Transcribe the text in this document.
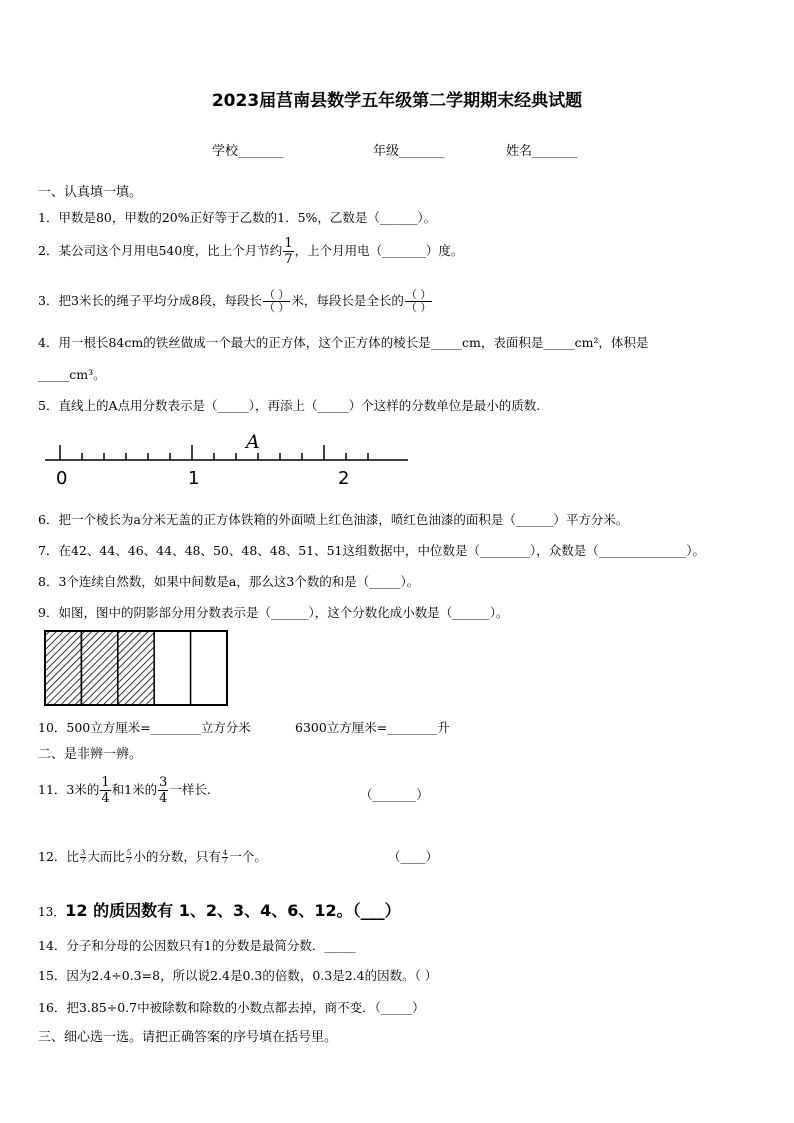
2023届莒南县数学五年级第二学期期末经典试题
学校_______	年级_______	姓名_______
一、认真填一填。
1．甲数是80，甲数的20%正好等于乙数的1．5%，乙数是（______）。
2．某公司这个月用电540度，比上个月节约 $\frac{1}{7}$ ，上个月用电（_______）度。
3．把3米长的绳子平均分成8段，每段长 $\frac{( )}{( )}$ 米，每段长是全长的 $\frac{( )}{( )}$
4．用一根长84cm的铁丝做成一个最大的正方体，这个正方体的棱长是_____cm，表面积是_____cm²，体积是
_____cm³。
5．直线上的A点用分数表示是（_____），再添上（_____）个这样的分数单位是最小的质数.
0	1	2
A
6．把一个棱长为a分米无盖的正方体铁箱的外面喷上红色油漆，喷红色油漆的面积是（______）平方分米。
7．在42、44、46、44、48、50、48、48、51、51这组数据中，中位数是（________），众数是（______________）。
8．3个连续自然数，如果中间数是a，那么这3个数的和是（_____）。
9．如图，图中的阴影部分用分数表示是（______），这个分数化成小数是（______）。
10．500立方厘米=________立方分米	6300立方厘米=________升
二、是非辨一辨。
11．3米的 $\frac{1}{4}$ 和1米的 $\frac{3}{4}$ 一样长.	（_______）
12．比 $\frac{3}{7}$ 大而比 $\frac{5}{7}$ 小的分数，只有 $\frac{4}{7}$ 一个。	（____）
13．12 的质因数有 1、2、3、4、6、12。（___）
14．分子和分母的公因数只有1的分数是最简分数．_____
15．因为2.4÷0.3=8，所以说2.4是0.3的倍数，0.3是2.4的因数。（ ）
16．把3.85÷0.7中被除数和除数的小数点都去掉，商不变．（_____）
三、细心选一选。请把正确答案的序号填在括号里。
